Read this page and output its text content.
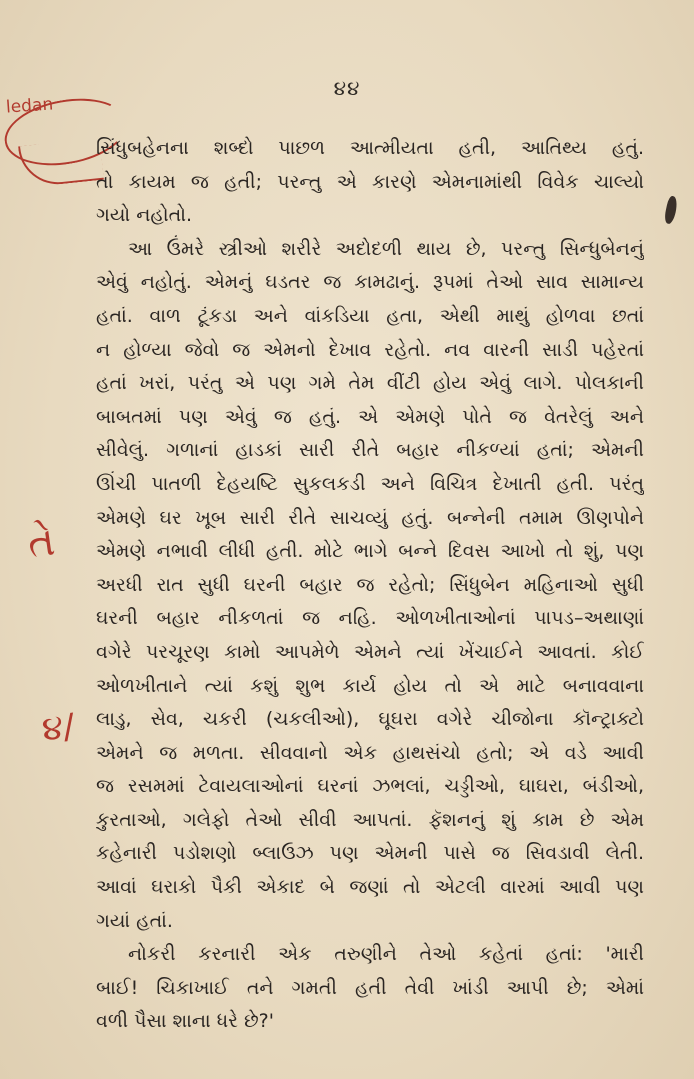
૪૪
ledan
તે
૪/
સિંધુબહેનના શબ્દો પાછળ આત્મીયતા હતી, આતિથ્ય હતું.
તો કાયમ જ હતી; પરન્તુ એ કારણે એમનામાંથી વિવેક ચાલ્યો
ગયો નહોતો.
આ ઉંમરે સ્ત્રીઓ શરીરે અદોદળી થાય છે, પરન્તુ સિન્ધુબેનનું
એવું નહોતું. એમનું ઘડતર જ કામઢાનું. રૂપમાં તેઓ સાવ સામાન્ય
હતાં. વાળ ટૂંકડા અને વાંકડિયા હતા, એથી માથું હોળવા છતાં
ન હોળ્યા જેવો જ એમનો દેખાવ રહેતો. નવ વારની સાડી પહેરતાં
હતાં ખરાં, પરંતુ એ પણ ગમે તેમ વીંટી હોય એવું લાગે. પોલકાની
બાબતમાં પણ એવું જ હતું. એ એમણે પોતે જ વેતરેલું અને
સીવેલું. ગળાનાં હાડકાં સારી રીતે બહાર નીકળ્યાં હતાં; એમની
ઊંચી પાતળી દેહયષ્ટિ સુકલકડી અને વિચિત્ર દેખાતી હતી. પરંતુ
એમણે ઘર ખૂબ સારી રીતે સાચવ્યું હતું. બન્નેની તમામ ઊણપોને
એમણે નભાવી લીધી હતી. મોટે ભાગે બન્ને દિવસ આખો તો શું, પણ
અરધી રાત સુધી ઘરની બહાર જ રહેતો; સિંધુબેન મહિનાઓ સુધી
ઘરની બહાર નીકળતાં જ નહિ. ઓળખીતાઓનાં પાપડ–અથાણાં
વગેરે પરચૂરણ કામો આપમેળે એમને ત્યાં ખેંચાઈને આવતાં. કોઈ
ઓળખીતાને ત્યાં કશું શુભ કાર્ય હોય તો એ માટે બનાવવાના
લાડુ, સેવ, ચકરી (ચકલીઓ), ઘૂઘરા વગેરે ચીજોના કૉન્ટ્રાક્ટો
એમને જ મળતા. સીવવાનો એક હાથસંચો હતો; એ વડે આવી
જ રસમમાં ટેવાયલાઓનાં ઘરનાં ઝભલાં, ચડ્ડીઓ, ઘાઘરા, બંડીઓ,
કુરતાઓ, ગલેફો તેઓ સીવી આપતાં. ફૅશનનું શું કામ છે એમ
કહેનારી પડોશણો બ્લાઉઝ પણ એમની પાસે જ સિવડાવી લેતી.
આવાં ઘરાકો પૈકી એકાદ બે જણાં તો એટલી વારમાં આવી પણ
ગયાં હતાં.
નોકરી કરનારી એક તરુણીને તેઓ કહેતાં હતાં: 'મારી
બાઈ! ચિકાખાઈ તને ગમતી હતી તેવી ખાંડી આપી છે; એમાં
વળી પૈસા શાના ધરે છે?'
